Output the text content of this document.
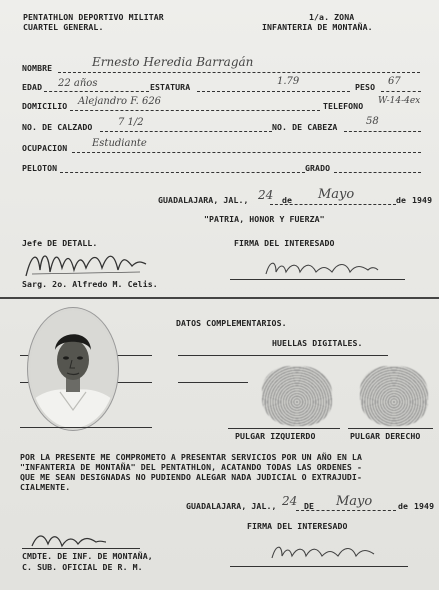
PENTATHLON DEPORTIVO MILITAR
CUARTEL GENERAL.
1/a. ZONA
INFANTERIA DE MONTAÑA.
NOMBRE	Ernesto Heredia Barragán
EDAD 22 años	ESTATURA	1.79	PESO 67
DOMICILIO Alejandro F. 626	TELEFONO W-14-4ex
NO. DE CALZADO	7 1/2	NO. DE CABEZA	58
OCUPACION Estudiante
PELOTON	GRADO
GUADALAJARA, JAL., 24 de Mayo	de 1949
"PATRIA, HONOR Y FUERZA"
Jefe DE DETALL.	FIRMA DEL INTERESADO
Sarg. 2o. Alfredo M. Celis.
DATOS COMPLEMENTARIOS.
HUELLAS DIGITALES.
PULGAR IZQUIERDO	PULGAR DERECHO
POR LA PRESENTE ME COMPROMETO A PRESENTAR SERVICIOS POR UN AÑO EN LA
"INFANTERIA DE MONTAÑA" DEL PENTATHLON, ACATANDO TODAS LAS ORDENES -
QUE ME SEAN DESIGNADAS NO PUDIENDO ALEGAR NADA JUDICIAL O EXTRAJUDI-
CIALMENTE.
GUADALAJARA, JAL., 24 DE Mayo	de 1949
FIRMA DEL INTERESADO
CMDTE. DE INF. DE MONTAÑA,
C. SUB. OFICIAL DE R. M.
